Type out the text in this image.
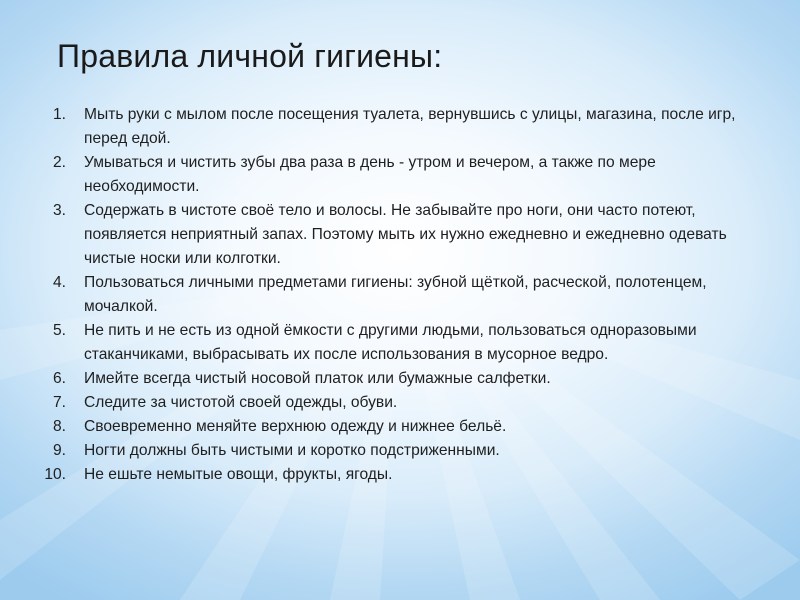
Правила личной гигиены:
1. Мыть руки с мылом после посещения туалета, вернувшись с улицы, магазина, после игр, перед едой.
2. Умываться и чистить зубы два раза в день - утром и вечером, а также по мере необходимости.
3. Содержать в чистоте своё тело и волосы. Не забывайте про ноги, они часто потеют, появляется неприятный запах. Поэтому мыть их нужно ежедневно и ежедневно одевать чистые носки или колготки.
4. Пользоваться личными предметами гигиены: зубной щёткой, расческой, полотенцем, мочалкой.
5. Не пить и не есть из одной ёмкости с другими людьми, пользоваться одноразовыми стаканчиками, выбрасывать их после использования в мусорное ведро.
6. Имейте всегда чистый носовой платок или бумажные салфетки.
7. Следите за чистотой своей одежды, обуви.
8. Своевременно меняйте верхнюю одежду и нижнее бельё.
9. Ногти должны быть чистыми и коротко подстриженными.
10. Не ешьте немытые овощи, фрукты, ягоды.
